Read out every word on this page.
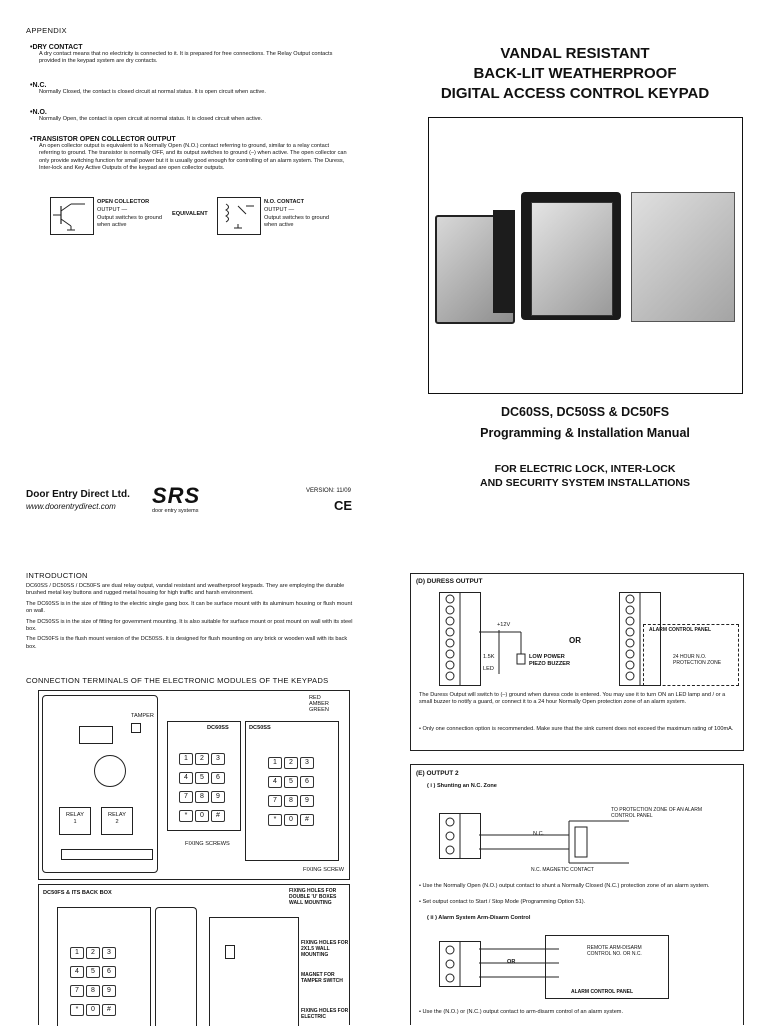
APPENDIX
• DRY CONTACT
A dry contact means that no electricity is connected to it. It is prepared for free connections. The Relay Output contacts provided in the keypad system are dry contacts.
• N.C.
Normally Closed, the contact is closed circuit at normal status. It is open circuit when active.
• N.O.
Normally Open, the contact is open circuit at normal status. It is closed circuit when active.
• TRANSISTOR OPEN COLLECTOR OUTPUT
An open collector output is equivalent to a Normally Open (N.O.) contact referring to ground, similar to a relay contact referring to ground. The transistor is normally OFF, and its output switches to ground (–) when active. The open collector can only provide switching function for small power but it is usually good enough for controlling of an alarm system. The Duress, Inter-lock and Key Active Outputs of the keypad are open collector outputs.
OPEN COLLECTOR
OUTPUT —
Output switches to ground when active
EQUIVALENT
N.O. CONTACT
OUTPUT —
Output switches to ground when active
VANDAL RESISTANT
BACK-LIT WEATHERPROOF
DIGITAL ACCESS CONTROL KEYPAD
DC60SS, DC50SS & DC50FS
Programming & Installation Manual
FOR ELECTRIC LOCK, INTER-LOCK
AND SECURITY SYSTEM INSTALLATIONS
Door Entry Direct Ltd.
www.doorentrydirect.com SRS
door entry systems
VERSION: 11/09
CE
INTRODUCTION
DC60SS / DC50SS / DC50FS are dual relay output, vandal resistant and weatherproof keypads. They are employing the durable brushed metal key buttons and rugged metal housing for high traffic and harsh environment.
The DC60SS is in the size of fitting to the electric single gang box. It can be surface mount with its aluminum housing or flush mount on wall.
The DC50SS is in the size of fitting for government mounting. It is also suitable for surface mount or post mount on wall with its steel box.
The DC50FS is the flush mount version of the DC50SS. It is designed for flush mounting on any brick or wooden wall with its back box.
CONNECTION TERMINALS OF THE ELECTRONIC MODULES OF THE KEYPADS
RELAY
1
RELAY
2
TAMPER
DC60SS
1 2 3 4 5 6 7 8 9 * 0 #
FIXING SCREWS
DC50SS
1 2 3 4 5 6 7 8 9 * 0 #
FIXING SCREW
RED
AMBER
GREEN
DC50FS & ITS BACK BOX
1 2 3 4 5 6 7 8 9 * 0 #
FIXING HOLES FOR DOUBLE 'U' BOXES WALL MOUNTING
FIXING HOLES FOR 2X1.5 WALL MOUNTING
MAGNET FOR TAMPER SWITCH
FIXING HOLES FOR ELECTRIC
(D) DURESS OUTPUT
+12V
1.5K
LED
LOW POWER PIEZO BUZZER
OR
ALARM CONTROL PANEL
24 HOUR N.O. PROTECTION ZONE
The Duress Output will switch to (–) ground when duress code is entered. You may use it to turn ON an LED lamp and / or a small buzzer to notify a guard, or connect it to a 24 hour Normally Open protection zone of an alarm system.
• Only one connection option is recommended. Make sure that the sink current does not exceed the maximum rating of 100mA.
(E) OUTPUT 2
( i ) Shunting an N.C. Zone
TO PROTECTION ZONE OF AN ALARM CONTROL PANEL
N.C.
N.C. MAGNETIC CONTACT
• Use the Normally Open (N.O.) output contact to shunt a Normally Closed (N.C.) protection zone of an alarm system.
• Set output contact to Start / Stop Mode (Programming Option 51).
( ii ) Alarm System Arm-Disarm Control
OR
REMOTE ARM-DISARM CONTROL NO. OR N.C.
ALARM CONTROL PANEL
• Use the (N.O.) or (N.C.) output contact to arm-disarm control of an alarm system.
